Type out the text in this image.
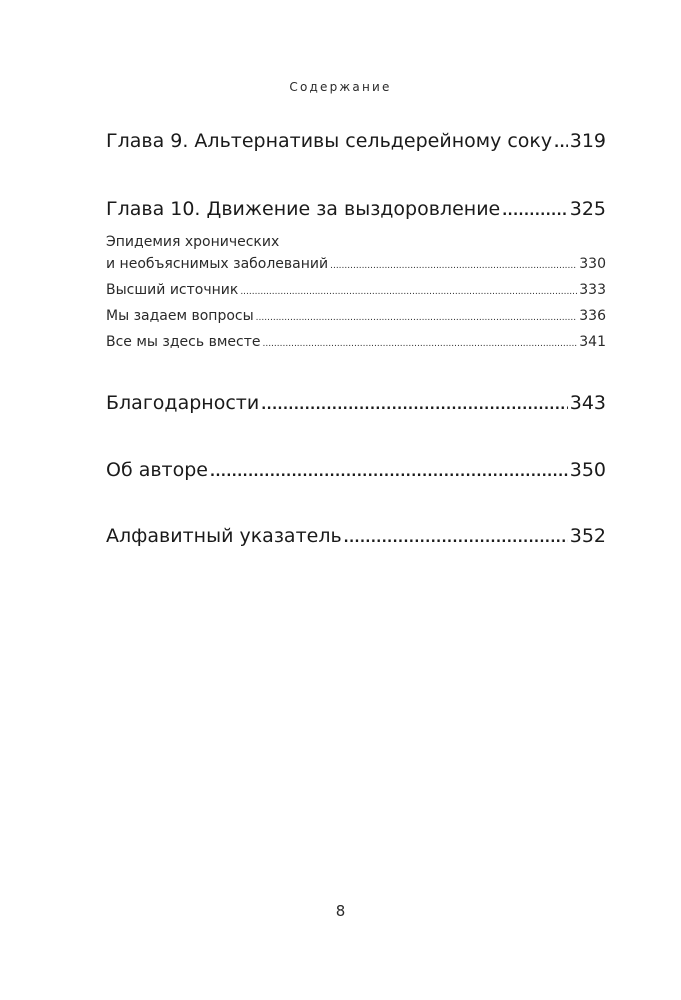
Содержание
Глава 9. Альтернативы сельдерейному соку ..... 319
Глава 10. Движение за выздоровление .....	325
Эпидемия хронических
и необъяснимых заболеваний .....	330
Высший источник .....	333
Мы задаем вопросы .....	336
Все мы здесь вместе .....	341
Благодарности .....	343
Об авторе .....	350
Алфавитный указатель .....	352
8
